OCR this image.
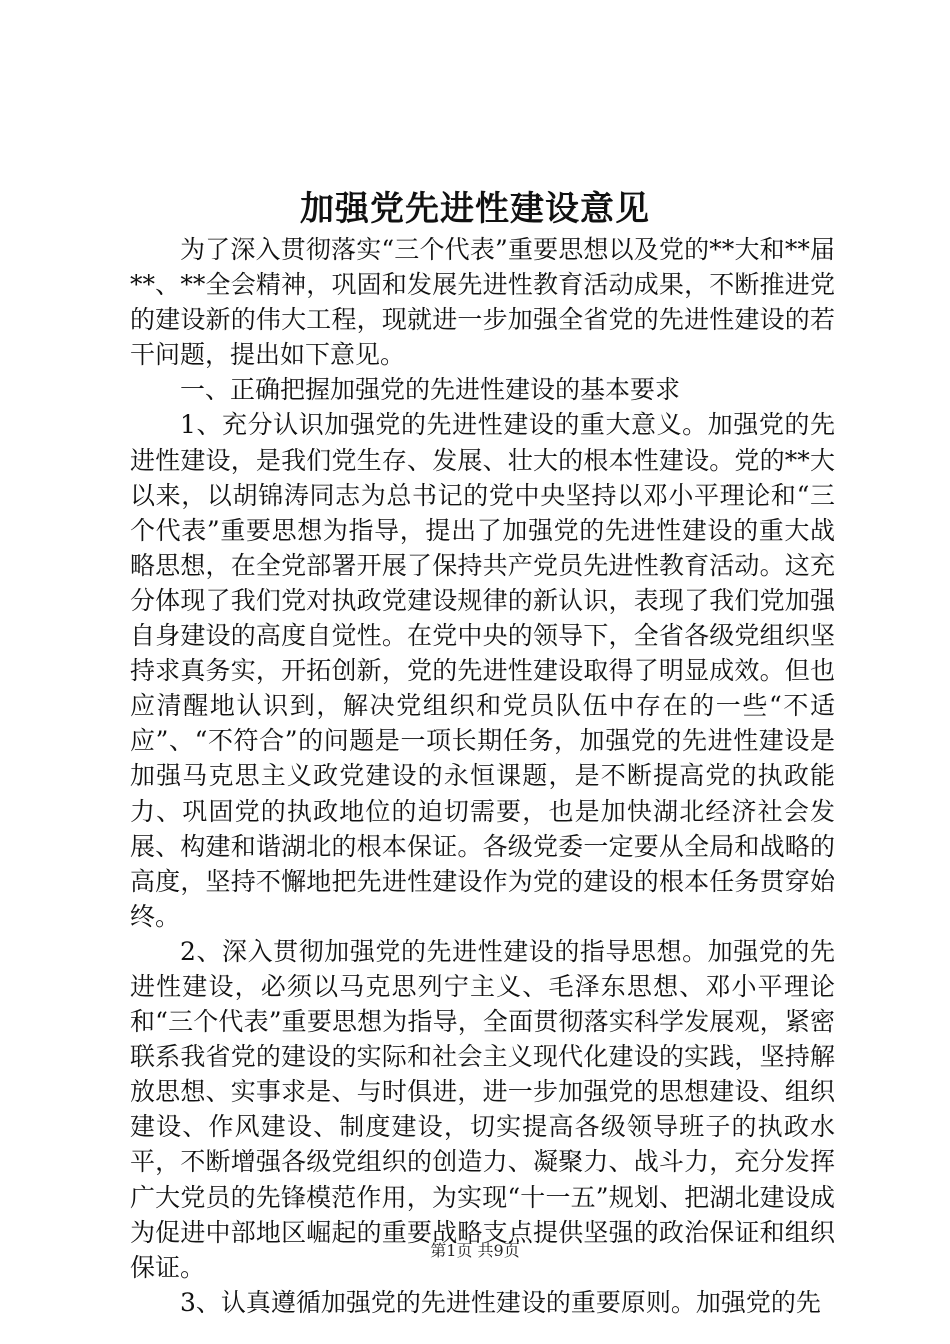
加强党先进性建设意见

为了深入贯彻落实“三个代表”重要思想以及党的**大和**届**、**全会精神，巩固和发展先进性教育活动成果，不断推进党的建设新的伟大工程，现就进一步加强全省党的先进性建设的若干问题，提出如下意见。

一、正确把握加强党的先进性建设的基本要求

1、充分认识加强党的先进性建设的重大意义。加强党的先进性建设，是我们党生存、发展、壮大的根本性建设。党的**大以来，以胡锦涛同志为总书记的党中央坚持以邓小平理论和“三个代表”重要思想为指导，提出了加强党的先进性建设的重大战略思想，在全党部署开展了保持共产党员先进性教育活动。这充分体现了我们党对执政党建设规律的新认识，表现了我们党加强自身建设的高度自觉性。在党中央的领导下，全省各级党组织坚持求真务实，开拓创新，党的先进性建设取得了明显成效。但也应清醒地认识到，解决党组织和党员队伍中存在的一些“不适应”、“不符合”的问题是一项长期任务，加强党的先进性建设是加强马克思主义政党建设的永恒课题，是不断提高党的执政能力、巩固党的执政地位的迫切需要，也是加快湖北经济社会发展、构建和谐湖北的根本保证。各级党委一定要从全局和战略的高度，坚持不懈地把先进性建设作为党的建设的根本任务贯穿始终。

2、深入贯彻加强党的先进性建设的指导思想。加强党的先进性建设，必须以马克思列宁主义、毛泽东思想、邓小平理论和“三个代表”重要思想为指导，全面贯彻落实科学发展观，紧密联系我省党的建设的实际和社会主义现代化建设的实践，坚持解放思想、实事求是、与时俱进，进一步加强党的思想建设、组织建设、作风建设、制度建设，切实提高各级领导班子的执政水平，不断增强各级党组织的创造力、凝聚力、战斗力，充分发挥广大党员的先锋模范作用，为实现“十一五”规划、把湖北建设成为促进中部地区崛起的重要战略支点提供坚强的政治保证和组织保证。

3、认真遵循加强党的先进性建设的重要原则。加强党的先

第1页 共9页
